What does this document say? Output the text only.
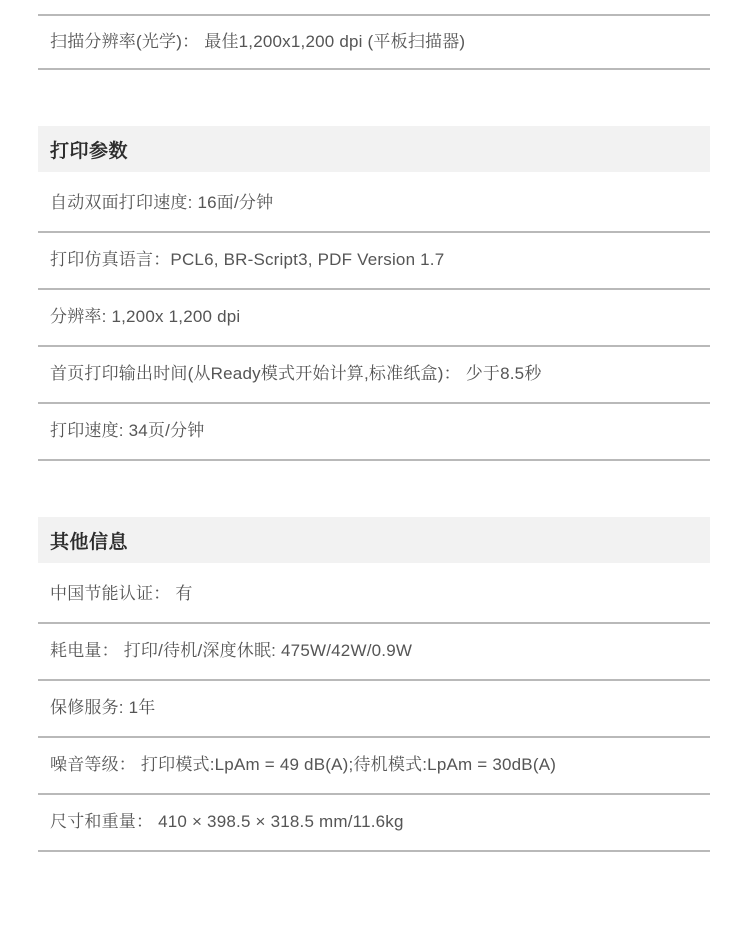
扫描分辨率(光学)： 最佳1,200x1,200 dpi (平板扫描器)
打印参数
自动双面打印速度: 16面/分钟
打印仿真语言：PCL6, BR-Script3, PDF Version 1.7
分辨率: 1,200x 1,200 dpi
首页打印输出时间(从Ready模式开始计算,标准纸盒)： 少于8.5秒
打印速度: 34页/分钟
其他信息
中国节能认证： 有
耗电量： 打印/待机/深度休眠: 475W/42W/0.9W
保修服务: 1年
噪音等级： 打印模式:LpAm = 49 dB(A);待机模式:LpAm = 30dB(A)
尺寸和重量： 410 × 398.5 × 318.5 mm/11.6kg
